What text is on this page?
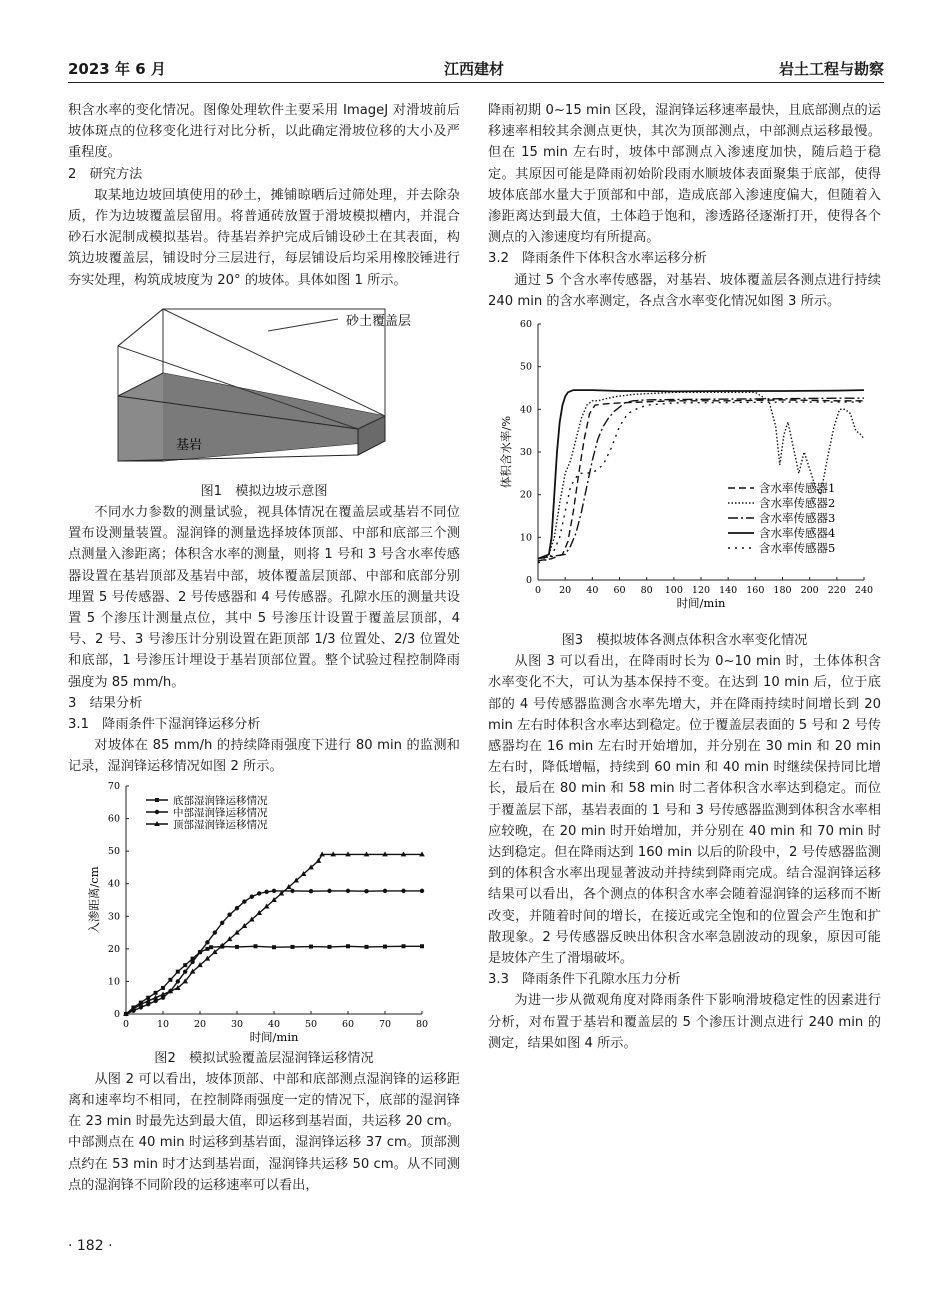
2023 年 6 月	江西建材	岩土工程与勘察

积含水率的变化情况。图像处理软件主要采用 ImageJ 对滑坡前后坡体斑点的位移变化进行对比分析，以此确定滑坡位移的大小及严重程度。

2　研究方法

取某地边坡回填使用的砂土，摊铺晾晒后过筛处理，并去除杂质，作为边坡覆盖层留用。将普通砖放置于滑坡模拟槽内，并混合砂石水泥制成模拟基岩。待基岩养护完成后铺设砂土在其表面，构筑边坡覆盖层，铺设时分三层进行，每层铺设后均采用橡胶锤进行夯实处理，构筑成坡度为 20° 的坡体。具体如图 1 所示。

砂土覆盖层
基岩

图1　模拟边坡示意图

不同水力参数的测量试验，视具体情况在覆盖层或基岩不同位置布设测量装置。湿润锋的测量选择坡体顶部、中部和底部三个测点测量入渗距离；体积含水率的测量，则将 1 号和 3 号含水率传感器设置在基岩顶部及基岩中部，坡体覆盖层顶部、中部和底部分别埋置 5 号传感器、2 号传感器和 4 号传感器。孔隙水压的测量共设置 5 个渗压计测量点位，其中 5 号渗压计设置于覆盖层顶部，4 号、2 号、3 号渗压计分别设置在距顶部 1/3 位置处、2/3 位置处和底部，1 号渗压计埋设于基岩顶部位置。整个试验过程控制降雨强度为 85 mm/h。

3　结果分析

3.1　降雨条件下湿润锋运移分析

对坡体在 85 mm/h 的持续降雨强度下进行 80 min 的监测和记录，湿润锋运移情况如图 2 所示。

0	10	20	30	40	50	60	70	80
0
10
20
30
40
50
60
70
时间/min
入渗距离/cm
底部湿润锋运移情况
中部湿润锋运移情况
顶部湿润锋运移情况

图2　模拟试验覆盖层湿润锋运移情况

从图 2 可以看出，坡体顶部、中部和底部测点湿润锋的运移距离和速率均不相同，在控制降雨强度一定的情况下，底部的湿润锋在 23 min 时最先达到最大值，即运移到基岩面，共运移 20 cm。中部测点在 40 min 时运移到基岩面，湿润锋运移 37 cm。顶部测点约在 53 min 时才达到基岩面，湿润锋共运移 50 cm。从不同测点的湿润锋不同阶段的运移速率可以看出，

降雨初期 0~15 min 区段，湿润锋运移速率最快，且底部测点的运移速率相较其余测点更快，其次为顶部测点，中部测点运移最慢。但在 15 min 左右时，坡体中部测点入渗速度加快，随后趋于稳定。其原因可能是降雨初始阶段雨水顺坡体表面聚集于底部，使得坡体底部水量大于顶部和中部，造成底部入渗速度偏大，但随着入渗距离达到最大值，土体趋于饱和，渗透路径逐渐打开，使得各个测点的入渗速度均有所提高。

3.2　降雨条件下体积含水率运移分析

通过 5 个含水率传感器，对基岩、坡体覆盖层各测点进行持续 240 min 的含水率测定，各点含水率变化情况如图 3 所示。

0 20 40 60 80 100 120 140 160 180 200 220 240
0
10
20
30
40
50
60
时间/min
体积含水率/%	含水率传感器1
含水率传感器2
含水率传感器3
含水率传感器4
含水率传感器5

图3　模拟坡体各测点体积含水率变化情况

从图 3 可以看出，在降雨时长为 0~10 min 时，土体体积含水率变化不大，可认为基本保持不变。在达到 10 min 后，位于底部的 4 号传感器监测含水率先增大，并在降雨持续时间增长到 20 min 左右时体积含水率达到稳定。位于覆盖层表面的 5 号和 2 号传感器均在 16 min 左右时开始增加，并分别在 30 min 和 20 min 左右时，降低增幅，持续到 60 min 和 40 min 时继续保持同比增长，最后在 80 min 和 58 min 时二者体积含水率达到稳定。而位于覆盖层下部，基岩表面的 1 号和 3 号传感器监测到体积含水率相应较晚，在 20 min 时开始增加，并分别在 40 min 和 70 min 时达到稳定。但在降雨达到 160 min 以后的阶段中，2 号传感器监测到的体积含水率出现显著波动并持续到降雨完成。结合湿润锋运移结果可以看出，各个测点的体积含水率会随着湿润锋的运移而不断改变，并随着时间的增长，在接近或完全饱和的位置会产生饱和扩散现象。2 号传感器反映出体积含水率急剧波动的现象，原因可能是坡体产生了滑塌破坏。

3.3　降雨条件下孔隙水压力分析

为进一步从微观角度对降雨条件下影响滑坡稳定性的因素进行分析，对布置于基岩和覆盖层的 5 个渗压计测点进行 240 min 的测定，结果如图 4 所示。

· 182 ·
